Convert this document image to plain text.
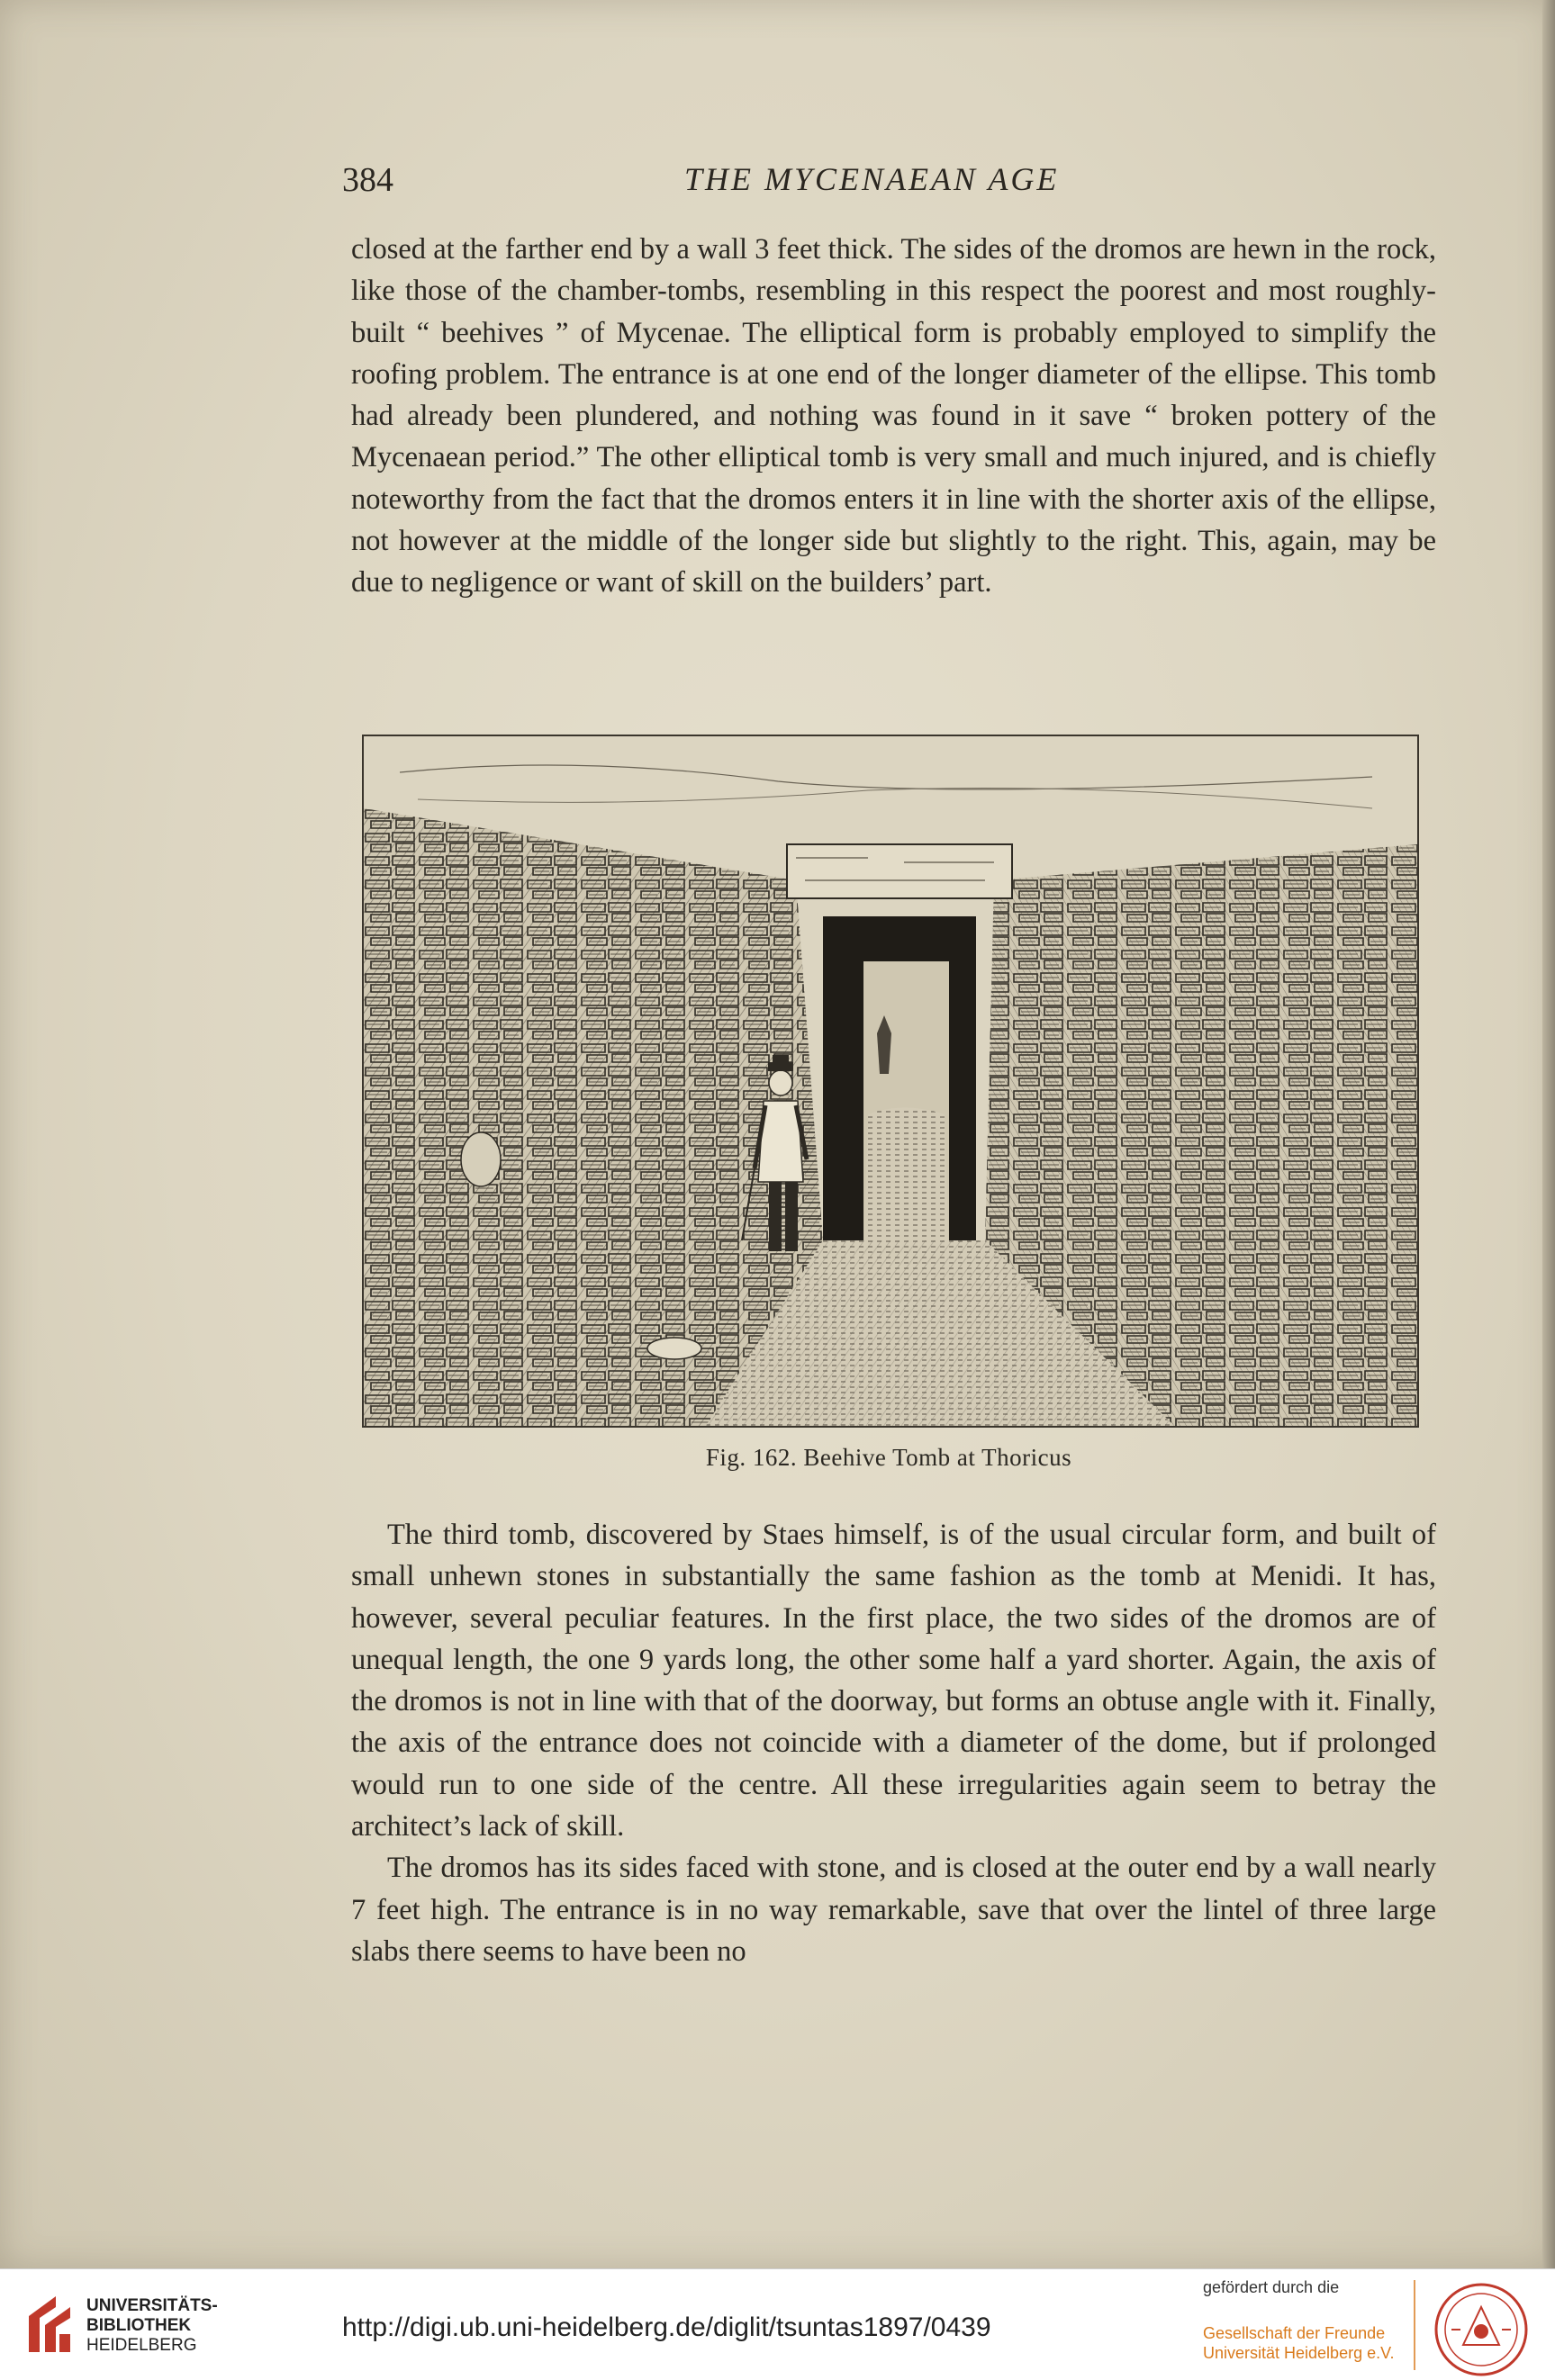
384	THE MYCENAEAN AGE

closed at the farther end by a wall 3 feet thick. The sides of the dromos are hewn in the rock, like those of the chamber-tombs, resembling in this respect the poorest and most roughly-built “ beehives ” of Mycenae. The elliptical form is probably employed to simplify the roofing problem. The entrance is at one end of the longer diameter of the ellipse. This tomb had already been plundered, and nothing was found in it save “ broken pottery of the Mycenaean period.” The other elliptical tomb is very small and much injured, and is chiefly noteworthy from the fact that the dromos enters it in line with the shorter axis of the ellipse, not however at the middle of the longer side but slightly to the right. This, again, may be due to negligence or want of skill on the builders’ part.

Fig. 162. Beehive Tomb at Thoricus

The third tomb, discovered by Staes himself, is of the usual circular form, and built of small unhewn stones in substantially the same fashion as the tomb at Menidi. It has, however, several peculiar features. In the first place, the two sides of the dromos are of unequal length, the one 9 yards long, the other some half a yard shorter. Again, the axis of the dromos is not in line with that of the doorway, but forms an obtuse angle with it. Finally, the axis of the entrance does not coincide with a diameter of the dome, but if prolonged would run to one side of the centre. All these irregularities again seem to betray the architect’s lack of skill.

The dromos has its sides faced with stone, and is closed at the outer end by a wall nearly 7 feet high. The entrance is in no way remarkable, save that over the lintel of three large slabs there seems to have been no

UNIVERSITÄTS-
BIBLIOTHEK
HEIDELBERG
http://digi.ub.uni-heidelberg.de/diglit/tsuntas1897/0439
gefördert durch die
Gesellschaft der Freunde
Universität Heidelberg e.V.
